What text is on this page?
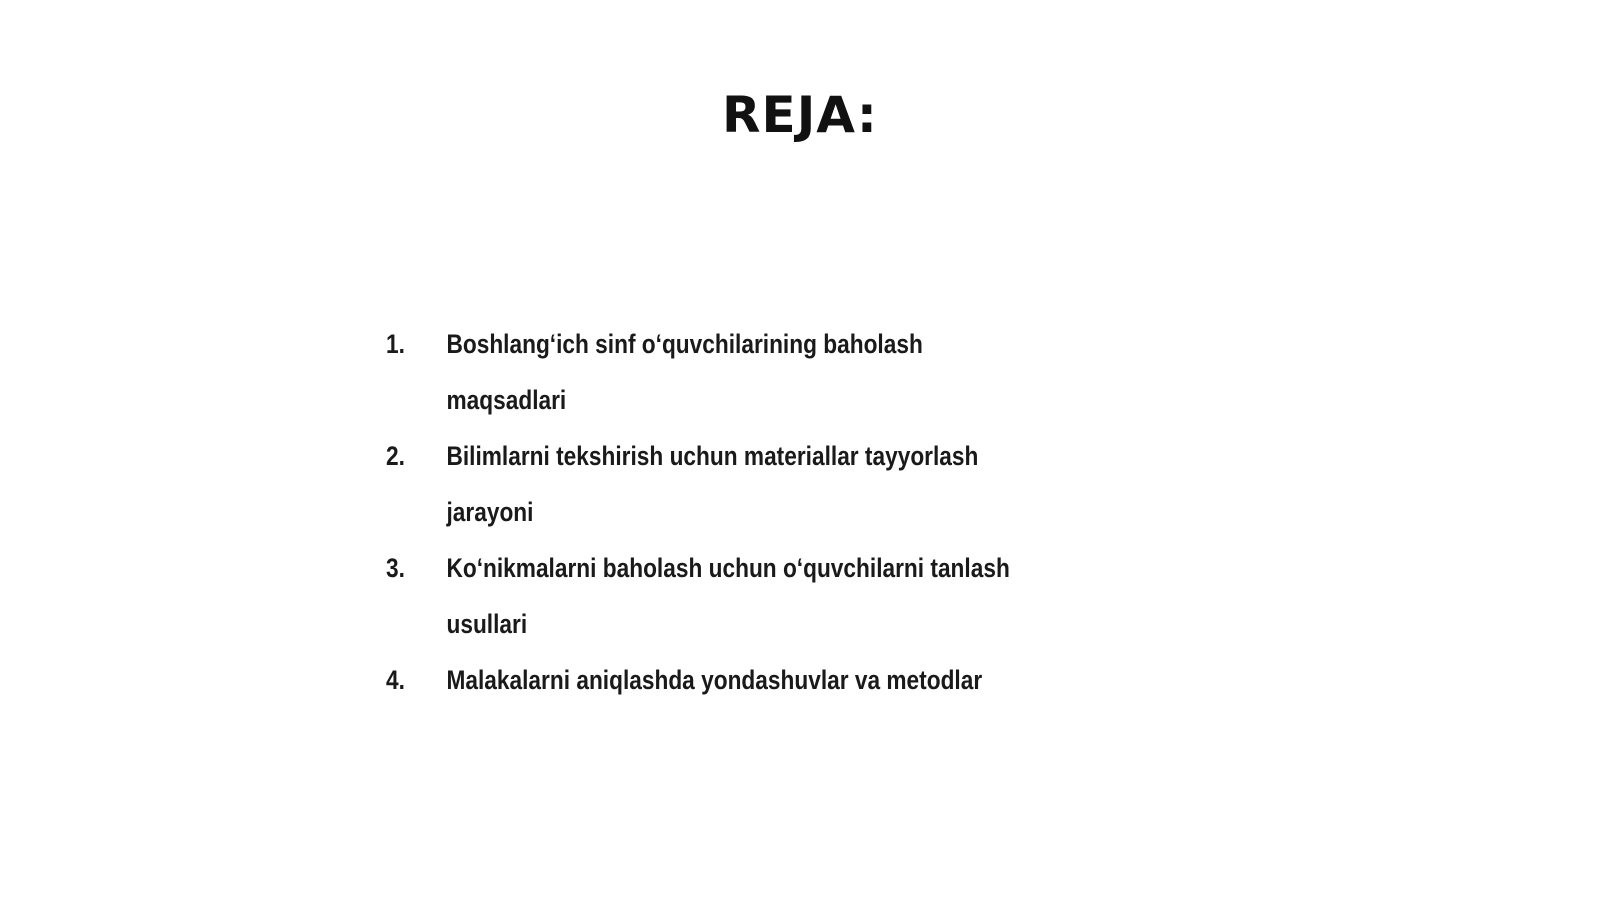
REJA:
1.	Boshlangʻich sinf oʻquvchilarining baholash maqsadlari
2.	Bilimlarni tekshirish uchun materiallar tayyorlash jarayoni
3.	Koʻnikmalarni baholash uchun oʻquvchilarni tanlash usullari
4.	Malakalarni aniqlashda yondashuvlar va metodlar
